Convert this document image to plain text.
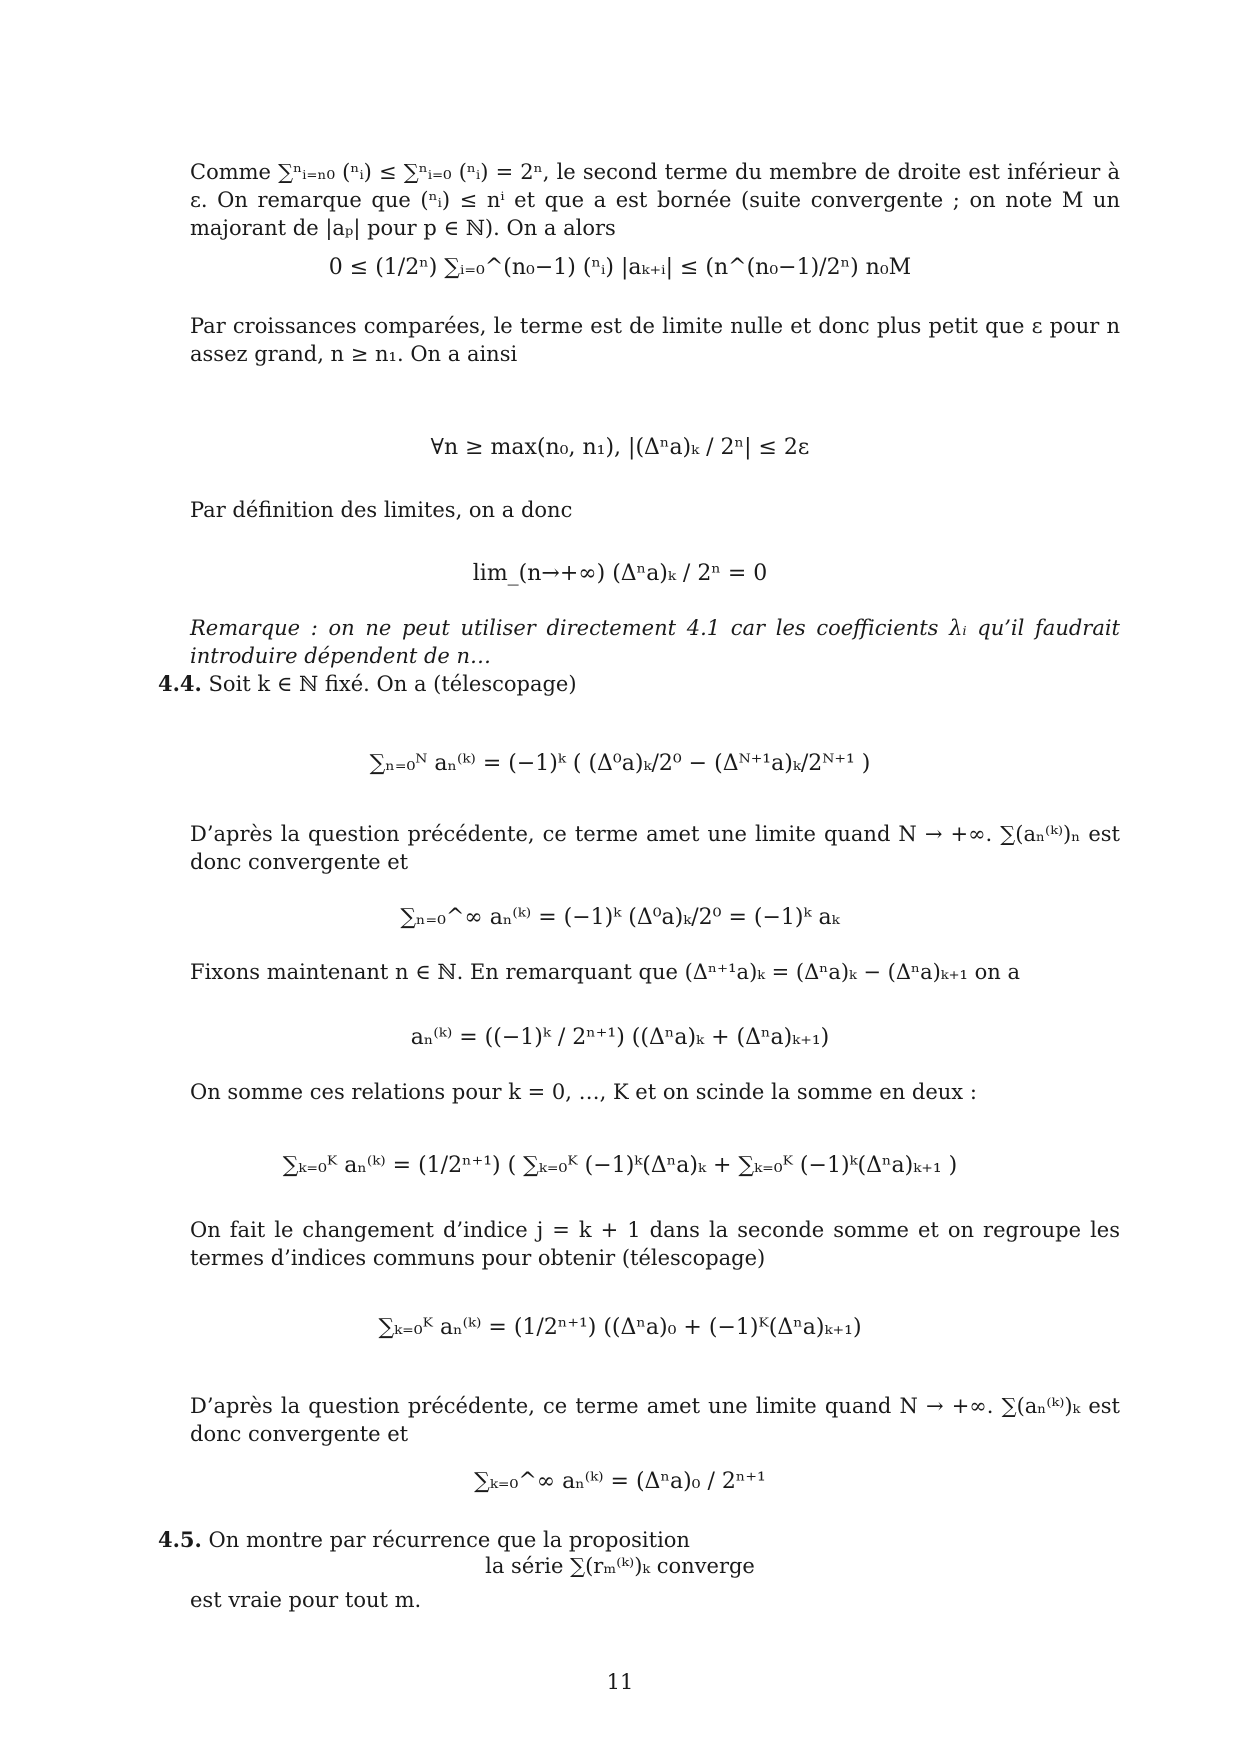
Comme ∑ⁿᵢ₌ₙ₀ (ⁿᵢ) ≤ ∑ⁿᵢ₌₀ (ⁿᵢ) = 2ⁿ, le second terme du membre de droite est inférieur à ε. On remarque que (ⁿᵢ) ≤ nⁱ et que a est bornée (suite convergente ; on note M un majorant de |aₚ| pour p ∈ ℕ). On a alors

0 ≤ (1/2ⁿ) ∑ᵢ₌₀^(n₀−1) (ⁿᵢ) |aₖ₊ᵢ| ≤ (n^(n₀−1)/2ⁿ) n₀M

Par croissances comparées, le terme est de limite nulle et donc plus petit que ε pour n assez grand, n ≥ n₁. On a ainsi

∀n ≥ max(n₀, n₁), |(Δⁿa)ₖ / 2ⁿ| ≤ 2ε

Par définition des limites, on a donc

lim_(n→+∞) (Δⁿa)ₖ / 2ⁿ = 0

Remarque : on ne peut utiliser directement 4.1 car les coefficients λᵢ qu’il faudrait introduire dépendent de n…

4.4. Soit k ∈ ℕ fixé. On a (télescopage)

∑ₙ₌₀ᴺ aₙ⁽ᵏ⁾ = (−1)ᵏ ( (Δ⁰a)ₖ/2⁰ − (Δᴺ⁺¹a)ₖ/2ᴺ⁺¹ )

D’après la question précédente, ce terme amet une limite quand N → +∞. ∑(aₙ⁽ᵏ⁾)ₙ est donc convergente et

∑ₙ₌₀^∞ aₙ⁽ᵏ⁾ = (−1)ᵏ (Δ⁰a)ₖ/2⁰ = (−1)ᵏ aₖ

Fixons maintenant n ∈ ℕ. En remarquant que (Δⁿ⁺¹a)ₖ = (Δⁿa)ₖ − (Δⁿa)ₖ₊₁ on a

aₙ⁽ᵏ⁾ = ((−1)ᵏ / 2ⁿ⁺¹) ((Δⁿa)ₖ + (Δⁿa)ₖ₊₁)

On somme ces relations pour k = 0, …, K et on scinde la somme en deux :

∑ₖ₌₀ᴷ aₙ⁽ᵏ⁾ = (1/2ⁿ⁺¹) ( ∑ₖ₌₀ᴷ (−1)ᵏ(Δⁿa)ₖ + ∑ₖ₌₀ᴷ (−1)ᵏ(Δⁿa)ₖ₊₁ )

On fait le changement d’indice j = k + 1 dans la seconde somme et on regroupe les termes d’indices communs pour obtenir (télescopage)

∑ₖ₌₀ᴷ aₙ⁽ᵏ⁾ = (1/2ⁿ⁺¹) ((Δⁿa)₀ + (−1)ᴷ(Δⁿa)ₖ₊₁)

D’après la question précédente, ce terme amet une limite quand N → +∞. ∑(aₙ⁽ᵏ⁾)ₖ est donc convergente et

∑ₖ₌₀^∞ aₙ⁽ᵏ⁾ = (Δⁿa)₀ / 2ⁿ⁺¹

4.5. On montre par récurrence que la proposition

la série ∑(rₘ⁽ᵏ⁾)ₖ converge

est vraie pour tout m.

11
